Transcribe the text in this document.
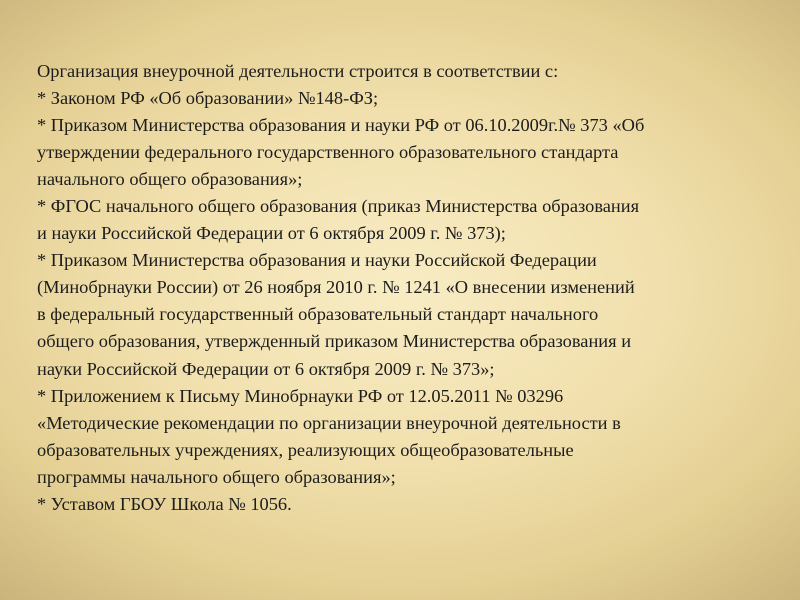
Организация внеурочной деятельности строится в соответствии с:
* Законом РФ «Об образовании» №148-ФЗ;
* Приказом Министерства образования и науки РФ от 06.10.2009г.№ 373 «Об
утверждении федерального государственного образовательного стандарта
начального общего образования»;
* ФГОС начального общего образования (приказ Министерства образования
и науки Российской Федерации от 6 октября 2009 г. № 373);
* Приказом Министерства образования и науки Российской Федерации
(Минобрнауки России) от 26 ноября 2010 г. № 1241 «О внесении изменений
в федеральный государственный образовательный стандарт начального
общего образования, утвержденный приказом Министерства образования и
науки Российской Федерации от 6 октября 2009 г. № 373»;
* Приложением к Письму Минобрнауки РФ от 12.05.2011 № 03296
«Методические рекомендации по организации внеурочной деятельности в
образовательных учреждениях, реализующих общеобразовательные
программы начального общего образования»;
* Уставом ГБОУ Школа № 1056.
